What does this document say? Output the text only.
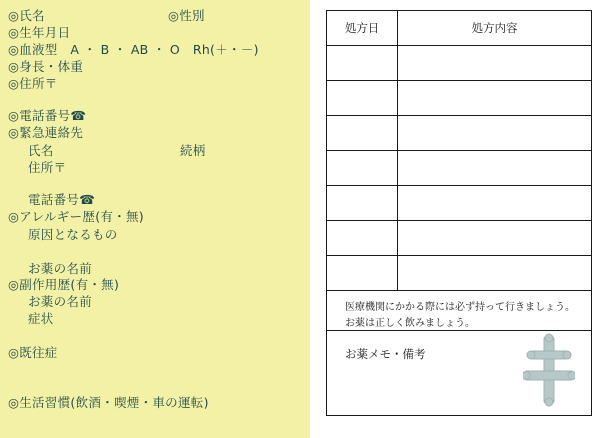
◎氏名	◎性別
◎生年月日
◎血液型　A ・ B ・ AB ・ O　Rh(＋・－)
◎身長・体重
◎住所〒
◎電話番号☎
◎緊急連絡先
氏名	続柄
住所〒
電話番号☎
◎アレルギー歴(有・無)
原因となるもの
お薬の名前
◎副作用歴(有・無)
お薬の名前
症状
◎既往症
◎生活習慣(飲酒・喫煙・車の運転)
処方日	処方内容

医療機関にかかる際には必ず持って行きましょう。
お薬は正しく飲みましょう。
お薬メモ・備考
